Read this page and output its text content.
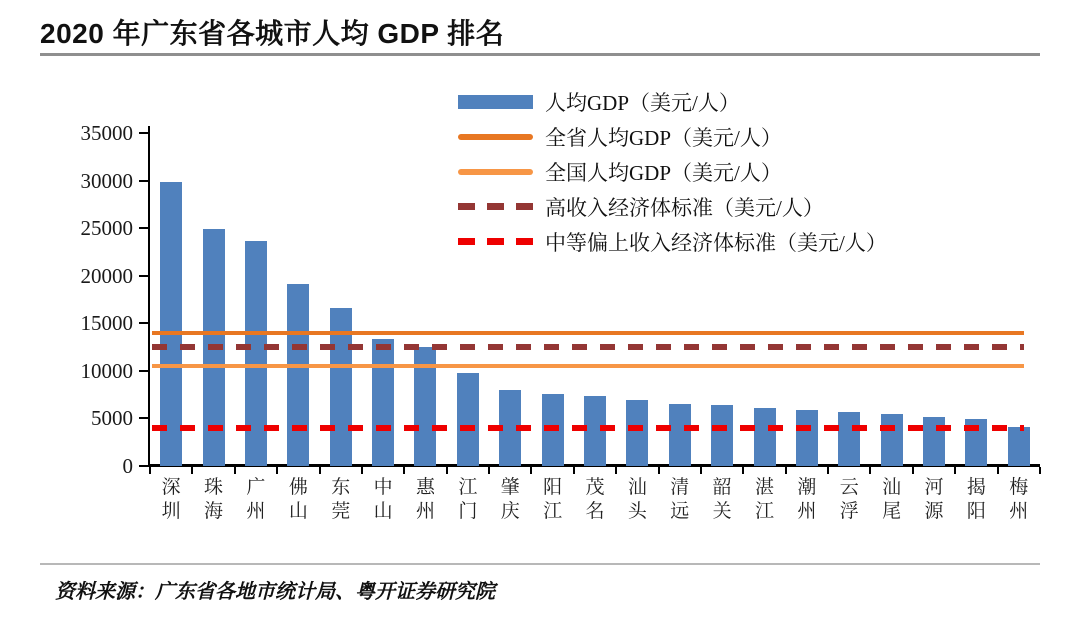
2020 年广东省各城市人均 GDP 排名
深圳
珠海
广州
佛山
东莞
中山
惠州
江门
肇庆
阳江
茂名
汕头
清远
韶关
湛江
潮州
云浮
汕尾
河源
揭阳
梅州
0
5000
10000
15000
20000
25000
30000
35000
人均GDP（美元/人）
全省人均GDP（美元/人）
全国人均GDP（美元/人）
高收入经济体标准（美元/人）
中等偏上收入经济体标准（美元/人）
资料来源：广东省各地市统计局、粤开证券研究院
